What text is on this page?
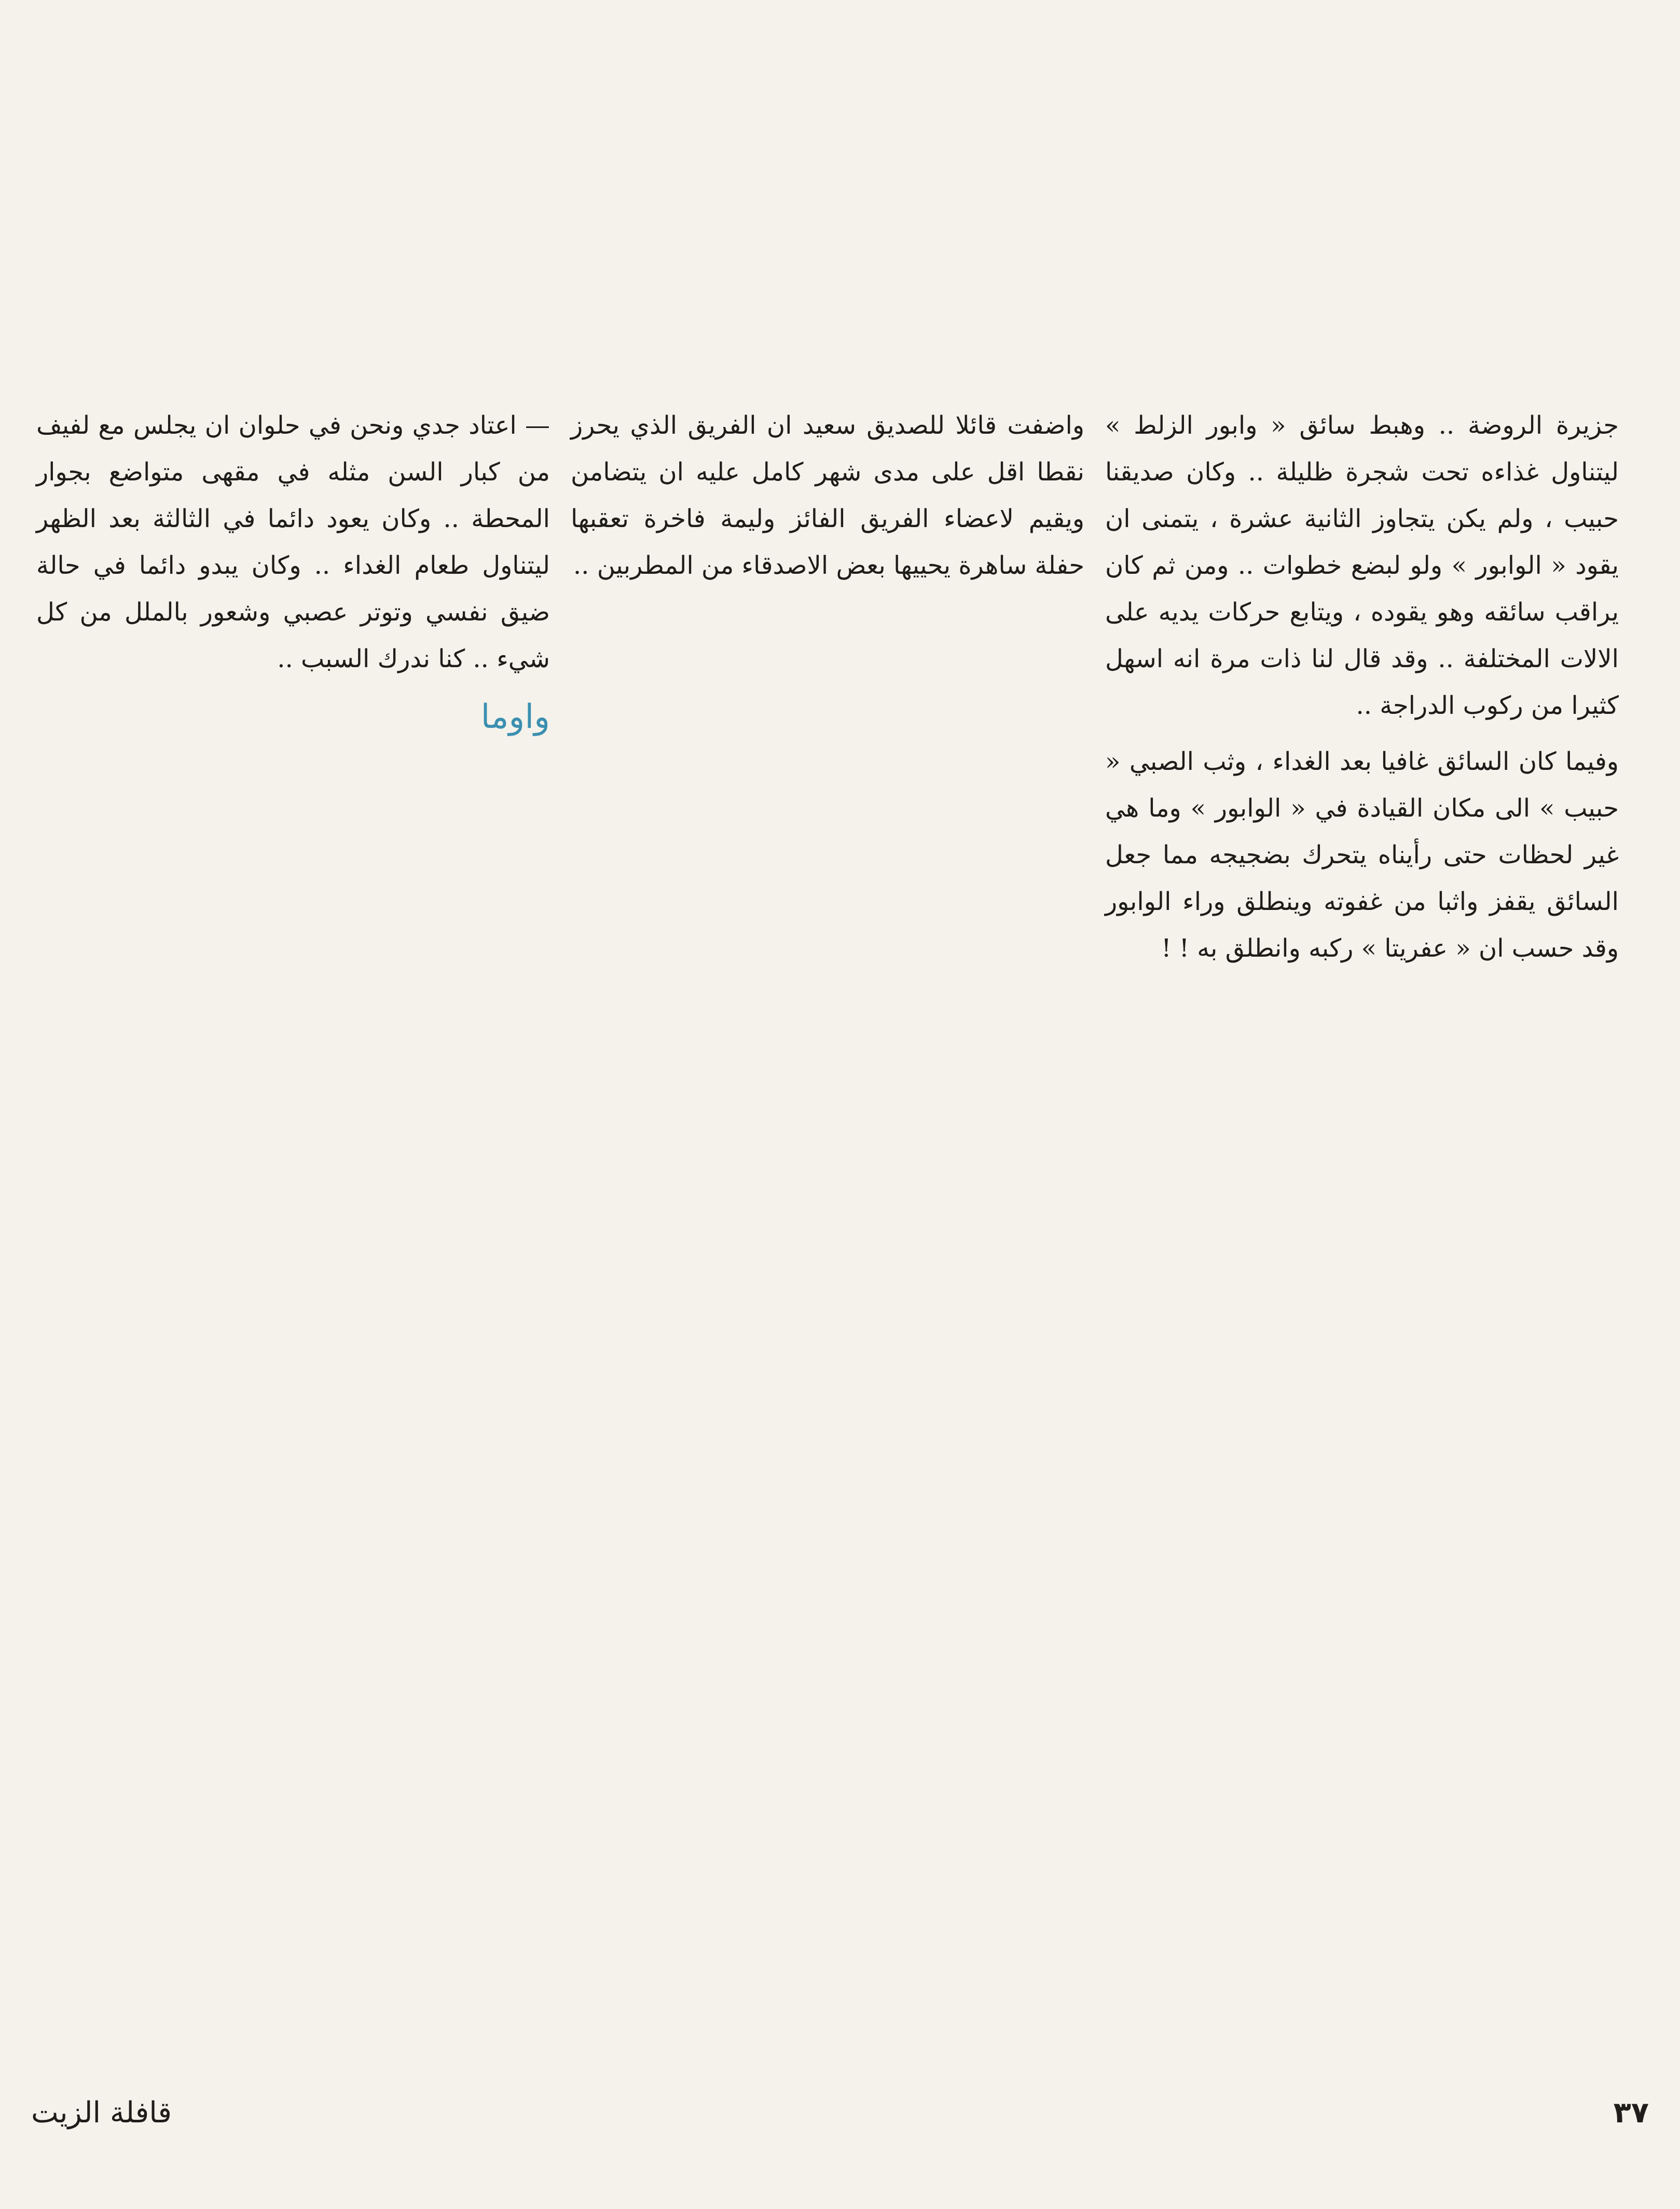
جزيرة الروضة .. وهبط سائق « وابور الزلط » ليتناول غذاءه تحت شجرة ظليلة .. وكان صديقنا حبيب ، ولم يكن يتجاوز الثانية عشرة ، يتمنى ان يقود « الوابور » ولو لبضع خطوات .. ومن ثم كان يراقب سائقه وهو يقوده ، ويتابع حركات يديه على الالات المختلفة .. وقد قال لنا ذات مرة انه اسهل كثيرا من ركوب الدراجة ..

وفيما كان السائق غافيا بعد الغداء ، وثب الصبي « حبيب » الى مكان القيادة في « الوابور » وما هي غير لحظات حتى رأيناه يتحرك بضجيجه مما جعل السائق يقفز واثبا من غفوته وينطلق وراء الوابور وقد حسب ان « عفريتا » ركبه وانطلق به ! !

واضفت قائلا للصديق سعيد ان الفريق الذي يحرز نقطا اقل على مدى شهر كامل عليه ان يتضامن ويقيم لاعضاء الفريق الفائز وليمة فاخرة تعقبها حفلة ساهرة يحييها بعض الاصدقاء من المطربين ..

— اعتاد جدي ونحن في حلوان ان يجلس مع لفيف من كبار السن مثله في مقهى متواضع بجوار المحطة .. وكان يعود دائما في الثالثة بعد الظهر ليتناول طعام الغداء .. وكان يبدو دائما في حالة ضيق نفسي وتوتر عصبي وشعور بالملل من كل شيء .. كنا ندرك السبب ..

واوما

٣٧
قافلة الزيت
